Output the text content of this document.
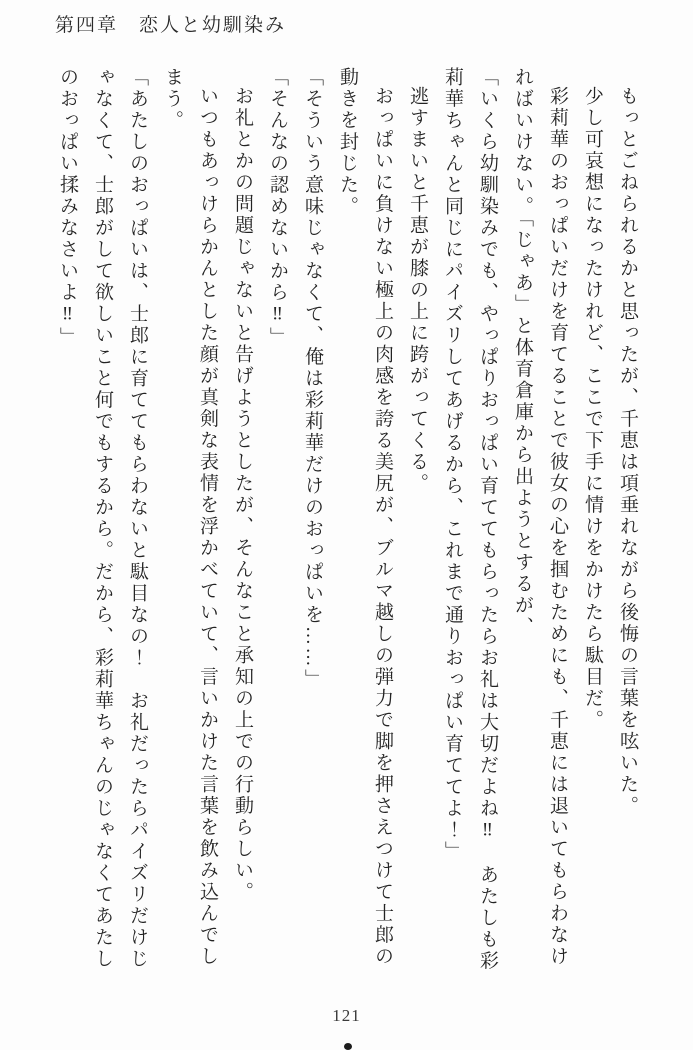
第四章　恋人と幼馴染み

もっとごねられるかと思ったが、千恵は項垂れながら後悔の言葉を呟いた。

少し可哀想になったけれど、ここで下手に情けをかけたら駄目だ。

彩莉華のおっぱいだけを育てることで彼女の心を掴むためにも、千恵には退いてもらわなければいけない。「じゃあ」と体育倉庫から出ようとするが、

「いくら幼馴染みでも、やっぱりおっぱい育ててもらったらお礼は大切だよね‼　あたしも彩莉華ちゃんと同じにパイズリしてあげるから、これまで通りおっぱい育ててよ！」

逃すまいと千恵が膝の上に跨がってくる。

おっぱいに負けない極上の肉感を誇る美尻が、ブルマ越しの弾力で脚を押さえつけて士郎の動きを封じた。

「そういう意味じゃなくて、俺は彩莉華だけのおっぱいを……」

「そんなの認めないから‼」

お礼とかの問題じゃないと告げようとしたが、そんなこと承知の上での行動らしい。

いつもあっけらかんとした顔が真剣な表情を浮かべていて、言いかけた言葉を飲み込んでしまう。

「あたしのおっぱいは、士郎に育ててもらわないと駄目なの！　お礼だったらパイズリだけじゃなくて、士郎がして欲しいこと何でもするから。だから、彩莉華ちゃんのじゃなくてあたしのおっぱい揉みなさいよ‼」

121
